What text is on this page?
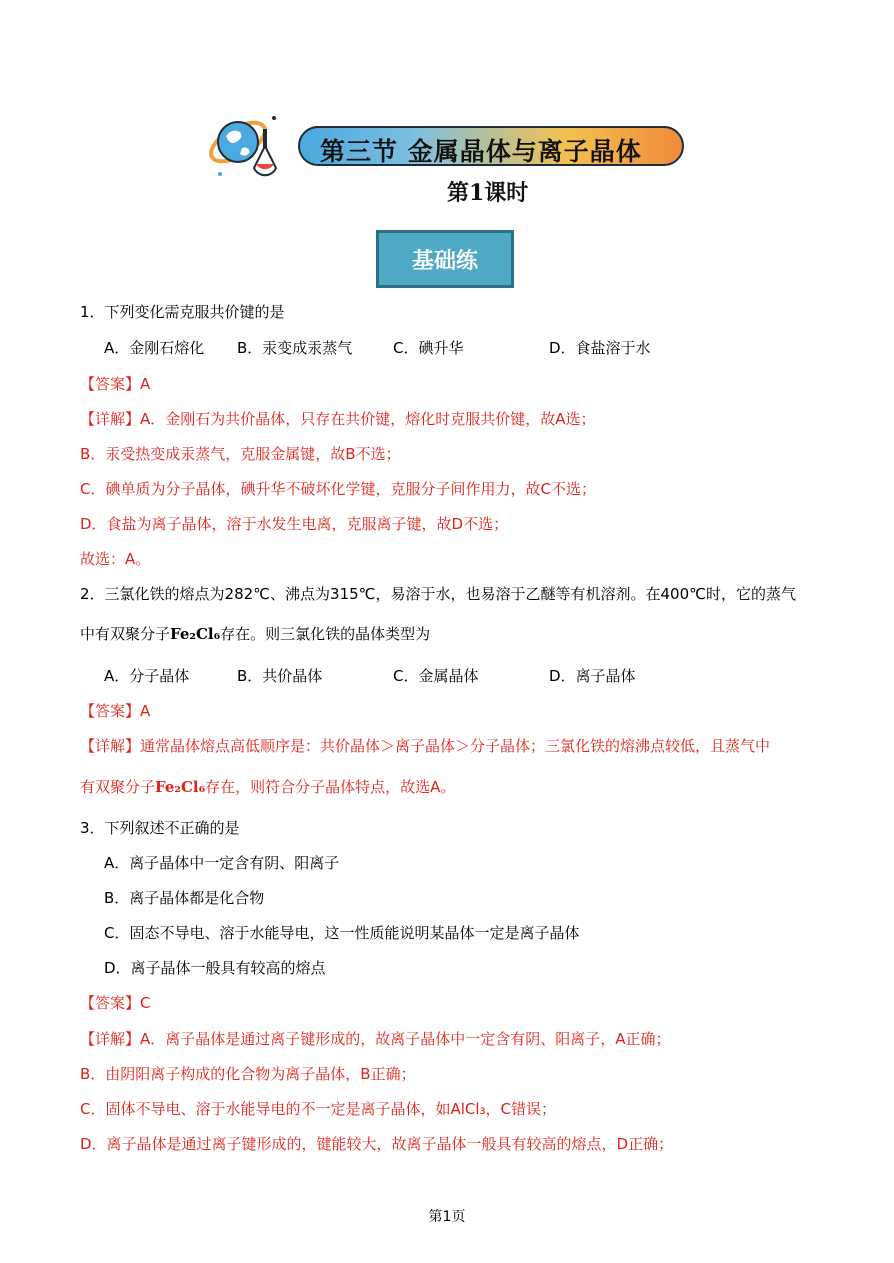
第三节 金属晶体与离子晶体
第1课时
基础练
1．下列变化需克服共价键的是
A．金刚石熔化 B．汞变成汞蒸气	C．碘升华	D．食盐溶于水
【答案】A
【详解】A．金刚石为共价晶体，只存在共价键，熔化时克服共价键，故A选；
B．汞受热变成汞蒸气，克服金属键，故B不选；
C．碘单质为分子晶体，碘升华不破坏化学键，克服分子间作用力，故C不选；
D．食盐为离子晶体，溶于水发生电离，克服离子键，故D不选；
故选：A。
2．三氯化铁的熔点为282℃、沸点为315℃，易溶于水，也易溶于乙醚等有机溶剂。在400℃时，它的蒸气
中有双聚分子Fe₂Cl₆存在。则三氯化铁的晶体类型为
A．分子晶体	B．共价晶体	C．金属晶体	D．离子晶体
【答案】A
【详解】通常晶体熔点高低顺序是：共价晶体＞离子晶体＞分子晶体；三氯化铁的熔沸点较低，且蒸气中
有双聚分子Fe₂Cl₆存在，则符合分子晶体特点，故选A。
3．下列叙述不正确的是
A．离子晶体中一定含有阴、阳离子
B．离子晶体都是化合物
C．固态不导电、溶于水能导电，这一性质能说明某晶体一定是离子晶体
D．离子晶体一般具有较高的熔点
【答案】C
【详解】A．离子晶体是通过离子键形成的，故离子晶体中一定含有阴、阳离子，A正确；
B．由阴阳离子构成的化合物为离子晶体，B正确；
C．固体不导电、溶于水能导电的不一定是离子晶体，如AlCl₃，C错误；
D．离子晶体是通过离子键形成的，键能较大，故离子晶体一般具有较高的熔点，D正确；
第1页
